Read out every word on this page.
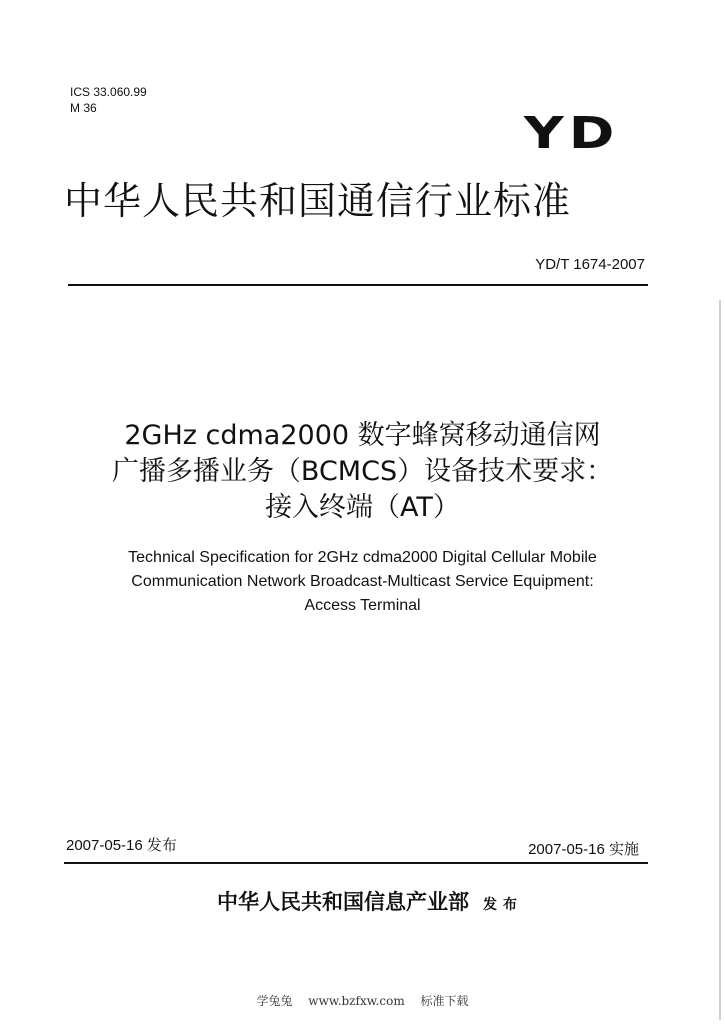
ICS 33.060.99
M 36	YD
中华人民共和国通信行业标准
YD/T 1674-2007
2GHz cdma2000 数字蜂窝移动通信网
广播多播业务（BCMCS）设备技术要求：
接入终端（AT）
Technical Specification for 2GHz cdma2000 Digital Cellular Mobile
Communication Network Broadcast-Multicast Service Equipment:
Access Terminal
2007-05-16 发布	2007-05-16 实施
中华人民共和国信息产业部 发布
学兔兔 www.bzfxw.com 标准下载
